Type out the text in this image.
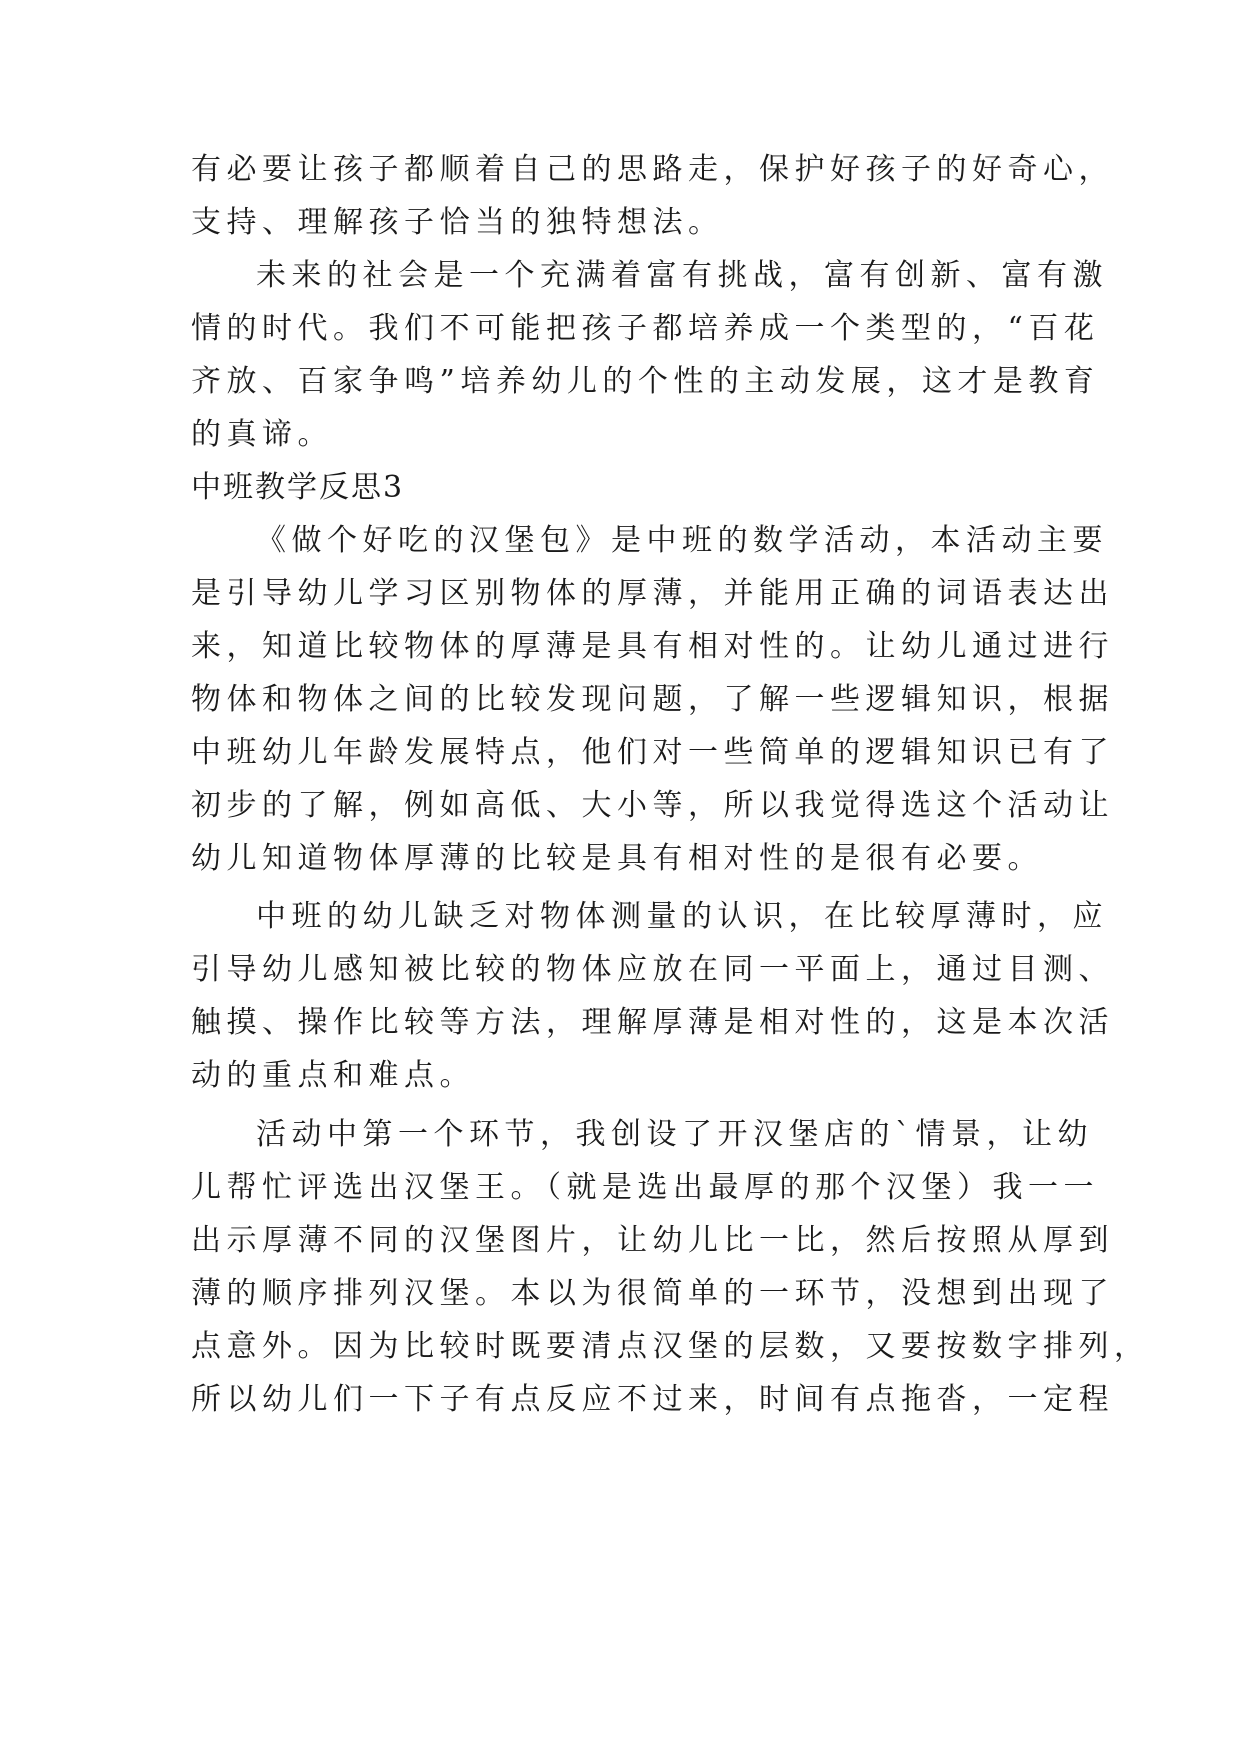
有必要让孩子都顺着自己的思路走，保护好孩子的好奇心，
支持、理解孩子恰当的独特想法。
未来的社会是一个充满着富有挑战，富有创新、富有激
情的时代。我们不可能把孩子都培养成一个类型的，“百花
齐放、百家争鸣”培养幼儿的个性的主动发展，这才是教育
的真谛。
中班教学反思3
《做个好吃的汉堡包》是中班的数学活动，本活动主要
是引导幼儿学习区别物体的厚薄，并能用正确的词语表达出
来，知道比较物体的厚薄是具有相对性的。让幼儿通过进行
物体和物体之间的比较发现问题，了解一些逻辑知识，根据
中班幼儿年龄发展特点，他们对一些简单的逻辑知识已有了
初步的了解，例如高低、大小等，所以我觉得选这个活动让
幼儿知道物体厚薄的比较是具有相对性的是很有必要。
中班的幼儿缺乏对物体测量的认识，在比较厚薄时，应
引导幼儿感知被比较的物体应放在同一平面上，通过目测、
触摸、操作比较等方法，理解厚薄是相对性的，这是本次活
动的重点和难点。
活动中第一个环节，我创设了开汉堡店的`情景，让幼
儿帮忙评选出汉堡王。（就是选出最厚的那个汉堡）我一一
出示厚薄不同的汉堡图片，让幼儿比一比，然后按照从厚到
薄的顺序排列汉堡。本以为很简单的一环节，没想到出现了
点意外。因为比较时既要清点汉堡的层数，又要按数字排列，
所以幼儿们一下子有点反应不过来，时间有点拖沓，一定程
